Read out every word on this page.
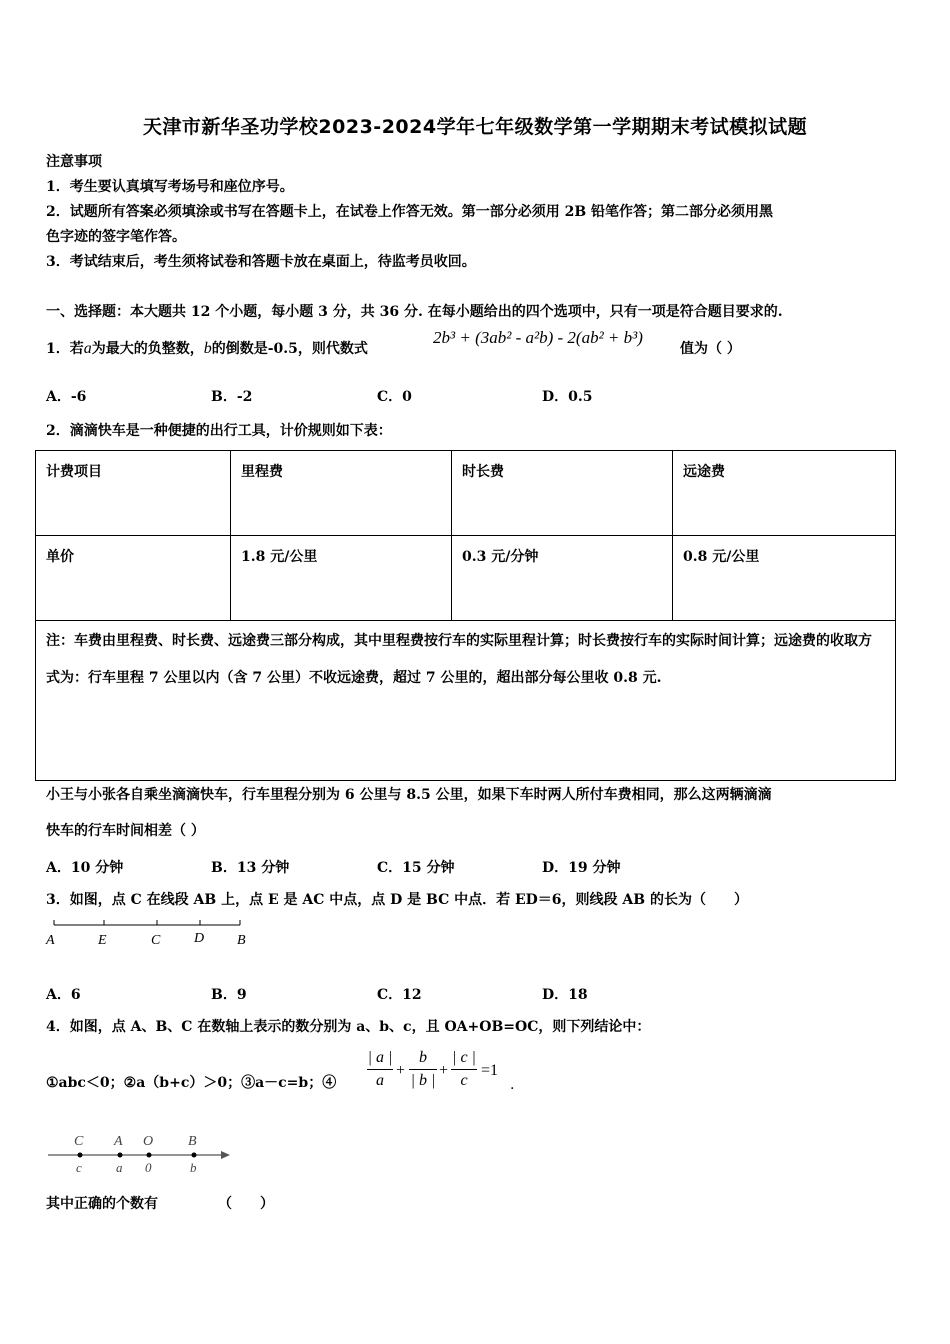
天津市新华圣功学校2023-2024学年七年级数学第一学期期末考试模拟试题
注意事项
1．考生要认真填写考场号和座位序号。
2．试题所有答案必须填涂或书写在答题卡上，在试卷上作答无效。第一部分必须用 2B 铅笔作答；第二部分必须用黑
色字迹的签字笔作答。
3．考试结束后，考生须将试卷和答题卡放在桌面上，待监考员收回。
一、选择题：本大题共 12 个小题，每小题 3 分，共 36 分. 在每小题给出的四个选项中，只有一项是符合题目要求的.
1．若a为最大的负整数，b的倒数是-0.5，则代数式
2b³ + (3ab² - a²b) - 2(ab² + b³)
值为（ ）
A．-6	B．-2	C．0	D．0.5
2．滴滴快车是一种便捷的出行工具，计价规则如下表：
计费项目	里程费	时长费	远途费
单价	1.8 元/公里	0.3 元/分钟	0.8 元/公里
注：车费由里程费、时长费、远途费三部分构成，其中里程费按行车的实际里程计算；时长费按行车的实际时间计算；远途费的收取方式为：行车里程 7 公里以内（含 7 公里）不收远途费，超过 7 公里的，超出部分每公里收 0.8 元.			
小王与小张各自乘坐滴滴快车，行车里程分别为 6 公里与 8.5 公里，如果下车时两人所付车费相同，那么这两辆滴滴
快车的行车时间相差（ ）
A．10 分钟	B．13 分钟	C．15 分钟	D．19 分钟
3．如图，点 C 在线段 AB 上，点 E 是 AC 中点，点 D 是 BC 中点．若 ED＝6，则线段 AB 的长为（　　）
A	E	C D B
A．6	B．9	C．12	D．18
4．如图，点 A、B、C 在数轴上表示的数分别为 a、b、c，且 OA+OB=OC，则下列结论中：
①abc＜0；②a（b+c）＞0；③a－c=b；④
| a |
a
+
b
| b |
+
| c |
c
=1
.
C A O B
c	a 0	b
其中正确的个数有	（　　）
